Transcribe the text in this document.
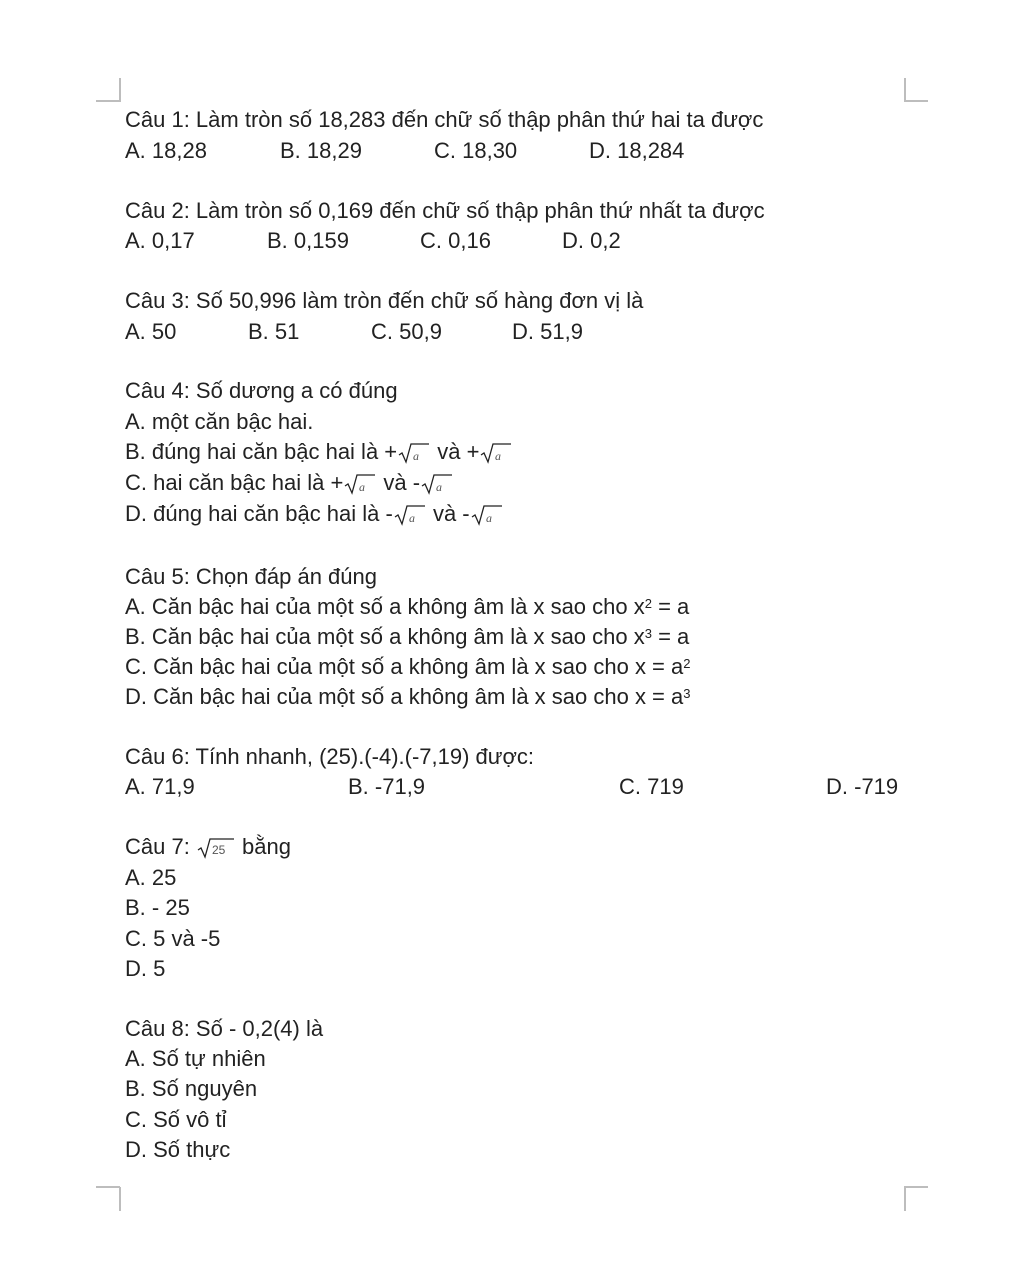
Câu 1: Làm tròn số 18,283 đến chữ số thập phân thứ hai ta được
A. 18,28	B. 18,29	C. 18,30	D. 18,284
Câu 2: Làm tròn số 0,169 đến chữ số thập phân thứ nhất ta được
A. 0,17	B. 0,159	C. 0,16	D. 0,2
Câu 3: Số 50,996 làm tròn đến chữ số hàng đơn vị là
A. 50	B. 51	C. 50,9	D. 51,9
Câu 4: Số dương a có đúng
A. một căn bậc hai.
B. đúng hai căn bậc hai là + a và + a
C. hai căn bậc hai là + a và - a
D. đúng hai căn bậc hai là - a và - a
Câu 5: Chọn đáp án đúng
A. Căn bậc hai của một số a không âm là x sao cho $x^2 = a$
B. Căn bậc hai của một số a không âm là x sao cho $x^3 = a$
C. Căn bậc hai của một số a không âm là x sao cho $x = a^2$
D. Căn bậc hai của một số a không âm là x sao cho $x = a^3$
Câu 6: Tính nhanh, (25).(-4).(-7,19) được:
A. 71,9	B. -71,9	C. 719	D. -719
Câu 7: 25 bằng
A. 25
B. - 25
C. 5 và -5
D. 5
Câu 8: Số - 0,2(4) là
A. Số tự nhiên
B. Số nguyên
C. Số vô tỉ
D. Số thực
